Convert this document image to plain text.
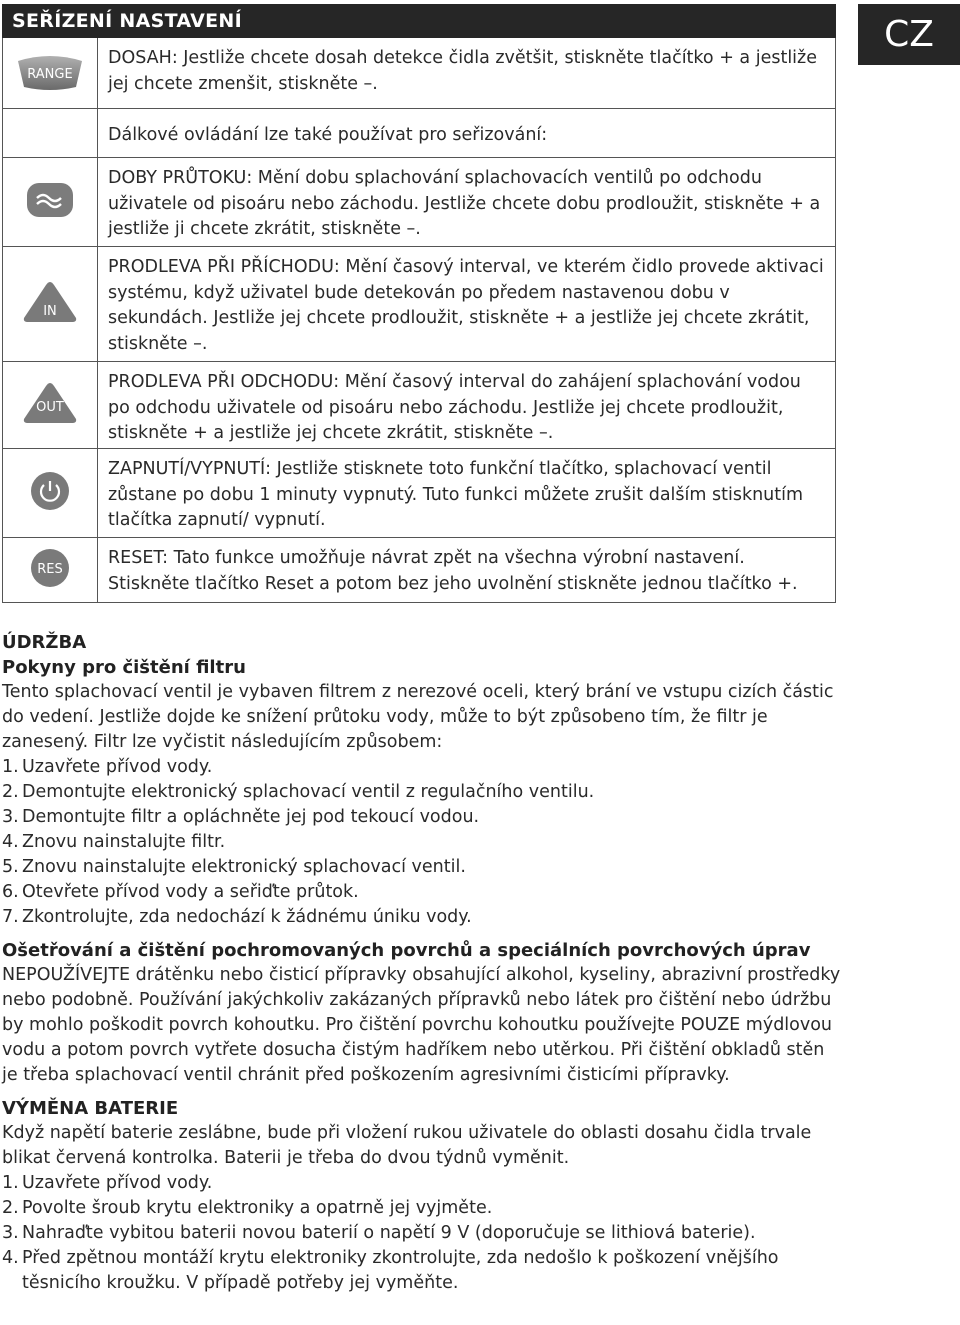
SEŘÍZENÍ NASTAVENÍ	CZ
RANGE

DOSAH: Jestliže chcete dosah detekce čidla zvětšit, stiskněte tlačítko + a jestliže jej chcete zmenšit, stiskněte –.

Dálkové ovládání lze také používat pro seřizování:

DOBY PRŮTOKU: Mění dobu splachování splachovacích ventilů po odchodu uživatele od pisoáru nebo záchodu. Jestliže chcete dobu prodloužit, stiskněte + a jestliže ji chcete zkrátit, stiskněte –.

IN

PRODLEVA PŘI PŘÍCHODU: Mění časový interval, ve kterém čidlo provede aktivaci systému, když uživatel bude detekován po předem nastavenou dobu v sekundách. Jestliže jej chcete prodloužit, stiskněte + a jestliže jej chcete zkrátit, stiskněte –.

OUT

PRODLEVA PŘI ODCHODU: Mění časový interval do zahájení splachování vodou po odchodu uživatele od pisoáru nebo záchodu. Jestliže jej chcete prodloužit, stiskněte + a jestliže jej chcete zkrátit, stiskněte –.

ZAPNUTÍ/VYPNUTÍ: Jestliže stisknete toto funkční tlačítko, splachovací ventil zůstane po dobu 1 minuty vypnutý. Tuto funkci můžete zrušit dalším stisknutím tlačítka zapnutí/ vypnutí.

RES

RESET: Tato funkce umožňuje návrat zpět na všechna výrobní nastavení. Stiskněte tlačítko Reset a potom bez jeho uvolnění stiskněte jednou tlačítko +.

ÚDRŽBA

Pokyny pro čištění filtru

Tento splachovací ventil je vybaven filtrem z nerezové oceli, který brání ve vstupu cizích částic do vedení. Jestliže dojde ke snížení průtoku vody, může to být způsobeno tím, že filtr je zanesený. Filtr lze vyčistit následujícím způsobem:

1. Uzavřete přívod vody.
2. Demontujte elektronický splachovací ventil z regulačního ventilu.
3. Demontujte filtr a opláchněte jej pod tekoucí vodou.
4. Znovu nainstalujte filtr.
5. Znovu nainstalujte elektronický splachovací ventil.
6. Otevřete přívod vody a seřiďte průtok.
7. Zkontrolujte, zda nedochází k žádnému úniku vody.

Ošetřování a čištění pochromovaných povrchů a speciálních povrchových úprav

NEPOUŽÍVEJTE drátěnku nebo čisticí přípravky obsahující alkohol, kyseliny, abrazivní prostředky nebo podobně. Používání jakýchkoliv zakázaných přípravků nebo látek pro čištění nebo údržbu by mohlo poškodit povrch kohoutku. Pro čištění povrchu kohoutku používejte POUZE mýdlovou vodu a potom povrch vytřete dosucha čistým hadříkem nebo utěrkou. Při čištění obkladů stěn je třeba splachovací ventil chránit před poškozením agresivními čisticími přípravky.

VÝMĚNA BATERIE

Když napětí baterie zeslábne, bude při vložení rukou uživatele do oblasti dosahu čidla trvale blikat červená kontrolka. Baterii je třeba do dvou týdnů vyměnit.

1. Uzavřete přívod vody.
2. Povolte šroub krytu elektroniky a opatrně jej vyjměte.
3. Nahraďte vybitou baterii novou baterií o napětí 9 V (doporučuje se lithiová baterie).
4. Před zpětnou montáží krytu elektroniky zkontrolujte, zda nedošlo k poškození vnějšího těsnicího kroužku. V případě potřeby jej vyměňte.
